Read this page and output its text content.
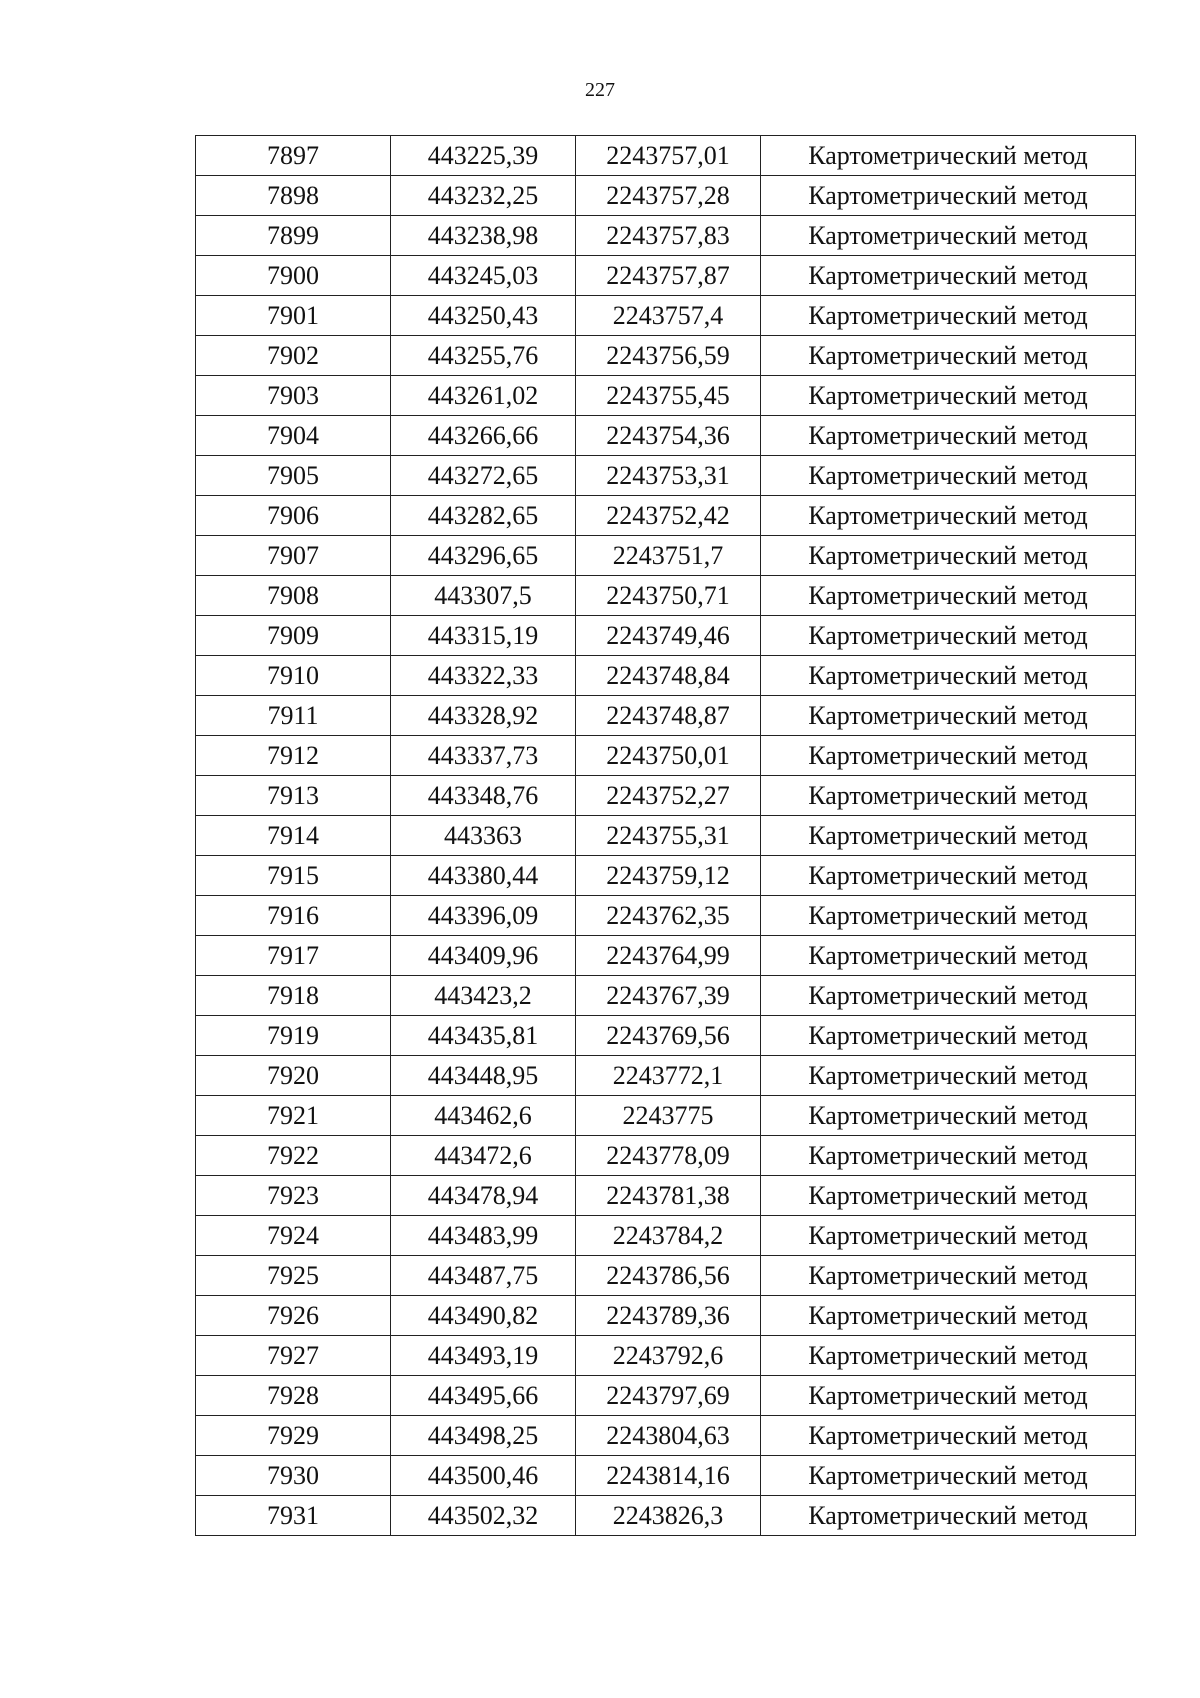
227
7897	443225,39	2243757,01	Картометрический метод
7898	443232,25	2243757,28	Картометрический метод
7899	443238,98	2243757,83	Картометрический метод
7900	443245,03	2243757,87	Картометрический метод
7901	443250,43	2243757,4	Картометрический метод
7902	443255,76	2243756,59	Картометрический метод
7903	443261,02	2243755,45	Картометрический метод
7904	443266,66	2243754,36	Картометрический метод
7905	443272,65	2243753,31	Картометрический метод
7906	443282,65	2243752,42	Картометрический метод
7907	443296,65	2243751,7	Картометрический метод
7908	443307,5	2243750,71	Картометрический метод
7909	443315,19	2243749,46	Картометрический метод
7910	443322,33	2243748,84	Картометрический метод
7911	443328,92	2243748,87	Картометрический метод
7912	443337,73	2243750,01	Картометрический метод
7913	443348,76	2243752,27	Картометрический метод
7914	443363	2243755,31	Картометрический метод
7915	443380,44	2243759,12	Картометрический метод
7916	443396,09	2243762,35	Картометрический метод
7917	443409,96	2243764,99	Картометрический метод
7918	443423,2	2243767,39	Картометрический метод
7919	443435,81	2243769,56	Картометрический метод
7920	443448,95	2243772,1	Картометрический метод
7921	443462,6	2243775	Картометрический метод
7922	443472,6	2243778,09	Картометрический метод
7923	443478,94	2243781,38	Картометрический метод
7924	443483,99	2243784,2	Картометрический метод
7925	443487,75	2243786,56	Картометрический метод
7926	443490,82	2243789,36	Картометрический метод
7927	443493,19	2243792,6	Картометрический метод
7928	443495,66	2243797,69	Картометрический метод
7929	443498,25	2243804,63	Картометрический метод
7930	443500,46	2243814,16	Картометрический метод
7931	443502,32	2243826,3	Картометрический метод
